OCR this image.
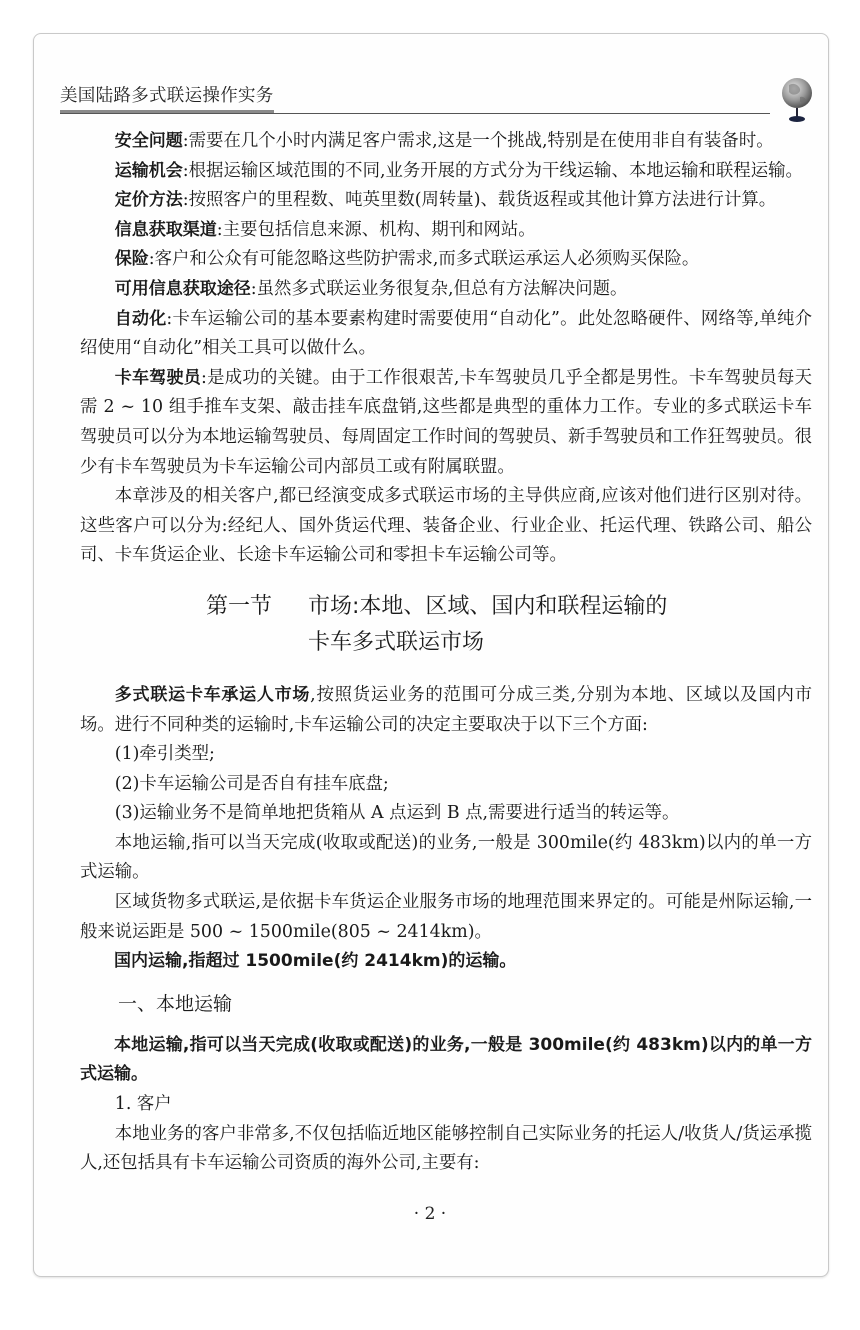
美国陆路多式联运操作实务

安全问题:需要在几个小时内满足客户需求,这是一个挑战,特别是在使用非自有装备时。

运输机会:根据运输区域范围的不同,业务开展的方式分为干线运输、本地运输和联程运输。

定价方法:按照客户的里程数、吨英里数(周转量)、载货返程或其他计算方法进行计算。

信息获取渠道:主要包括信息来源、机构、期刊和网站。

保险:客户和公众有可能忽略这些防护需求,而多式联运承运人必须购买保险。

可用信息获取途径:虽然多式联运业务很复杂,但总有方法解决问题。

自动化:卡车运输公司的基本要素构建时需要使用“自动化”。此处忽略硬件、网络等,单纯介绍使用“自动化”相关工具可以做什么。

卡车驾驶员:是成功的关键。由于工作很艰苦,卡车驾驶员几乎全都是男性。卡车驾驶员每天需 2 ~ 10 组手推车支架、敲击挂车底盘销,这些都是典型的重体力工作。专业的多式联运卡车驾驶员可以分为本地运输驾驶员、每周固定工作时间的驾驶员、新手驾驶员和工作狂驾驶员。很少有卡车驾驶员为卡车运输公司内部员工或有附属联盟。

本章涉及的相关客户,都已经演变成多式联运市场的主导供应商,应该对他们进行区别对待。这些客户可以分为:经纪人、国外货运代理、装备企业、行业企业、托运代理、铁路公司、船公司、卡车货运企业、长途卡车运输公司和零担卡车运输公司等。

第一节 市场:本地、区域、国内和联程运输的
卡车多式联运市场

多式联运卡车承运人市场,按照货运业务的范围可分成三类,分别为本地、区域以及国内市场。进行不同种类的运输时,卡车运输公司的决定主要取决于以下三个方面:

(1)牵引类型;

(2)卡车运输公司是否自有挂车底盘;

(3)运输业务不是简单地把货箱从 A 点运到 B 点,需要进行适当的转运等。

本地运输,指可以当天完成(收取或配送)的业务,一般是 300mile(约 483km)以内的单一方式运输。

区域货物多式联运,是依据卡车货运企业服务市场的地理范围来界定的。可能是州际运输,一般来说运距是 500 ~ 1500mile(805 ~ 2414km)。

国内运输,指超过 1500mile(约 2414km)的运输。

一、本地运输

本地运输,指可以当天完成(收取或配送)的业务,一般是 300mile(约 483km)以内的单一方式运输。

1. 客户

本地业务的客户非常多,不仅包括临近地区能够控制自己实际业务的托运人/收货人/货运承揽人,还包括具有卡车运输公司资质的海外公司,主要有:

· 2 ·
